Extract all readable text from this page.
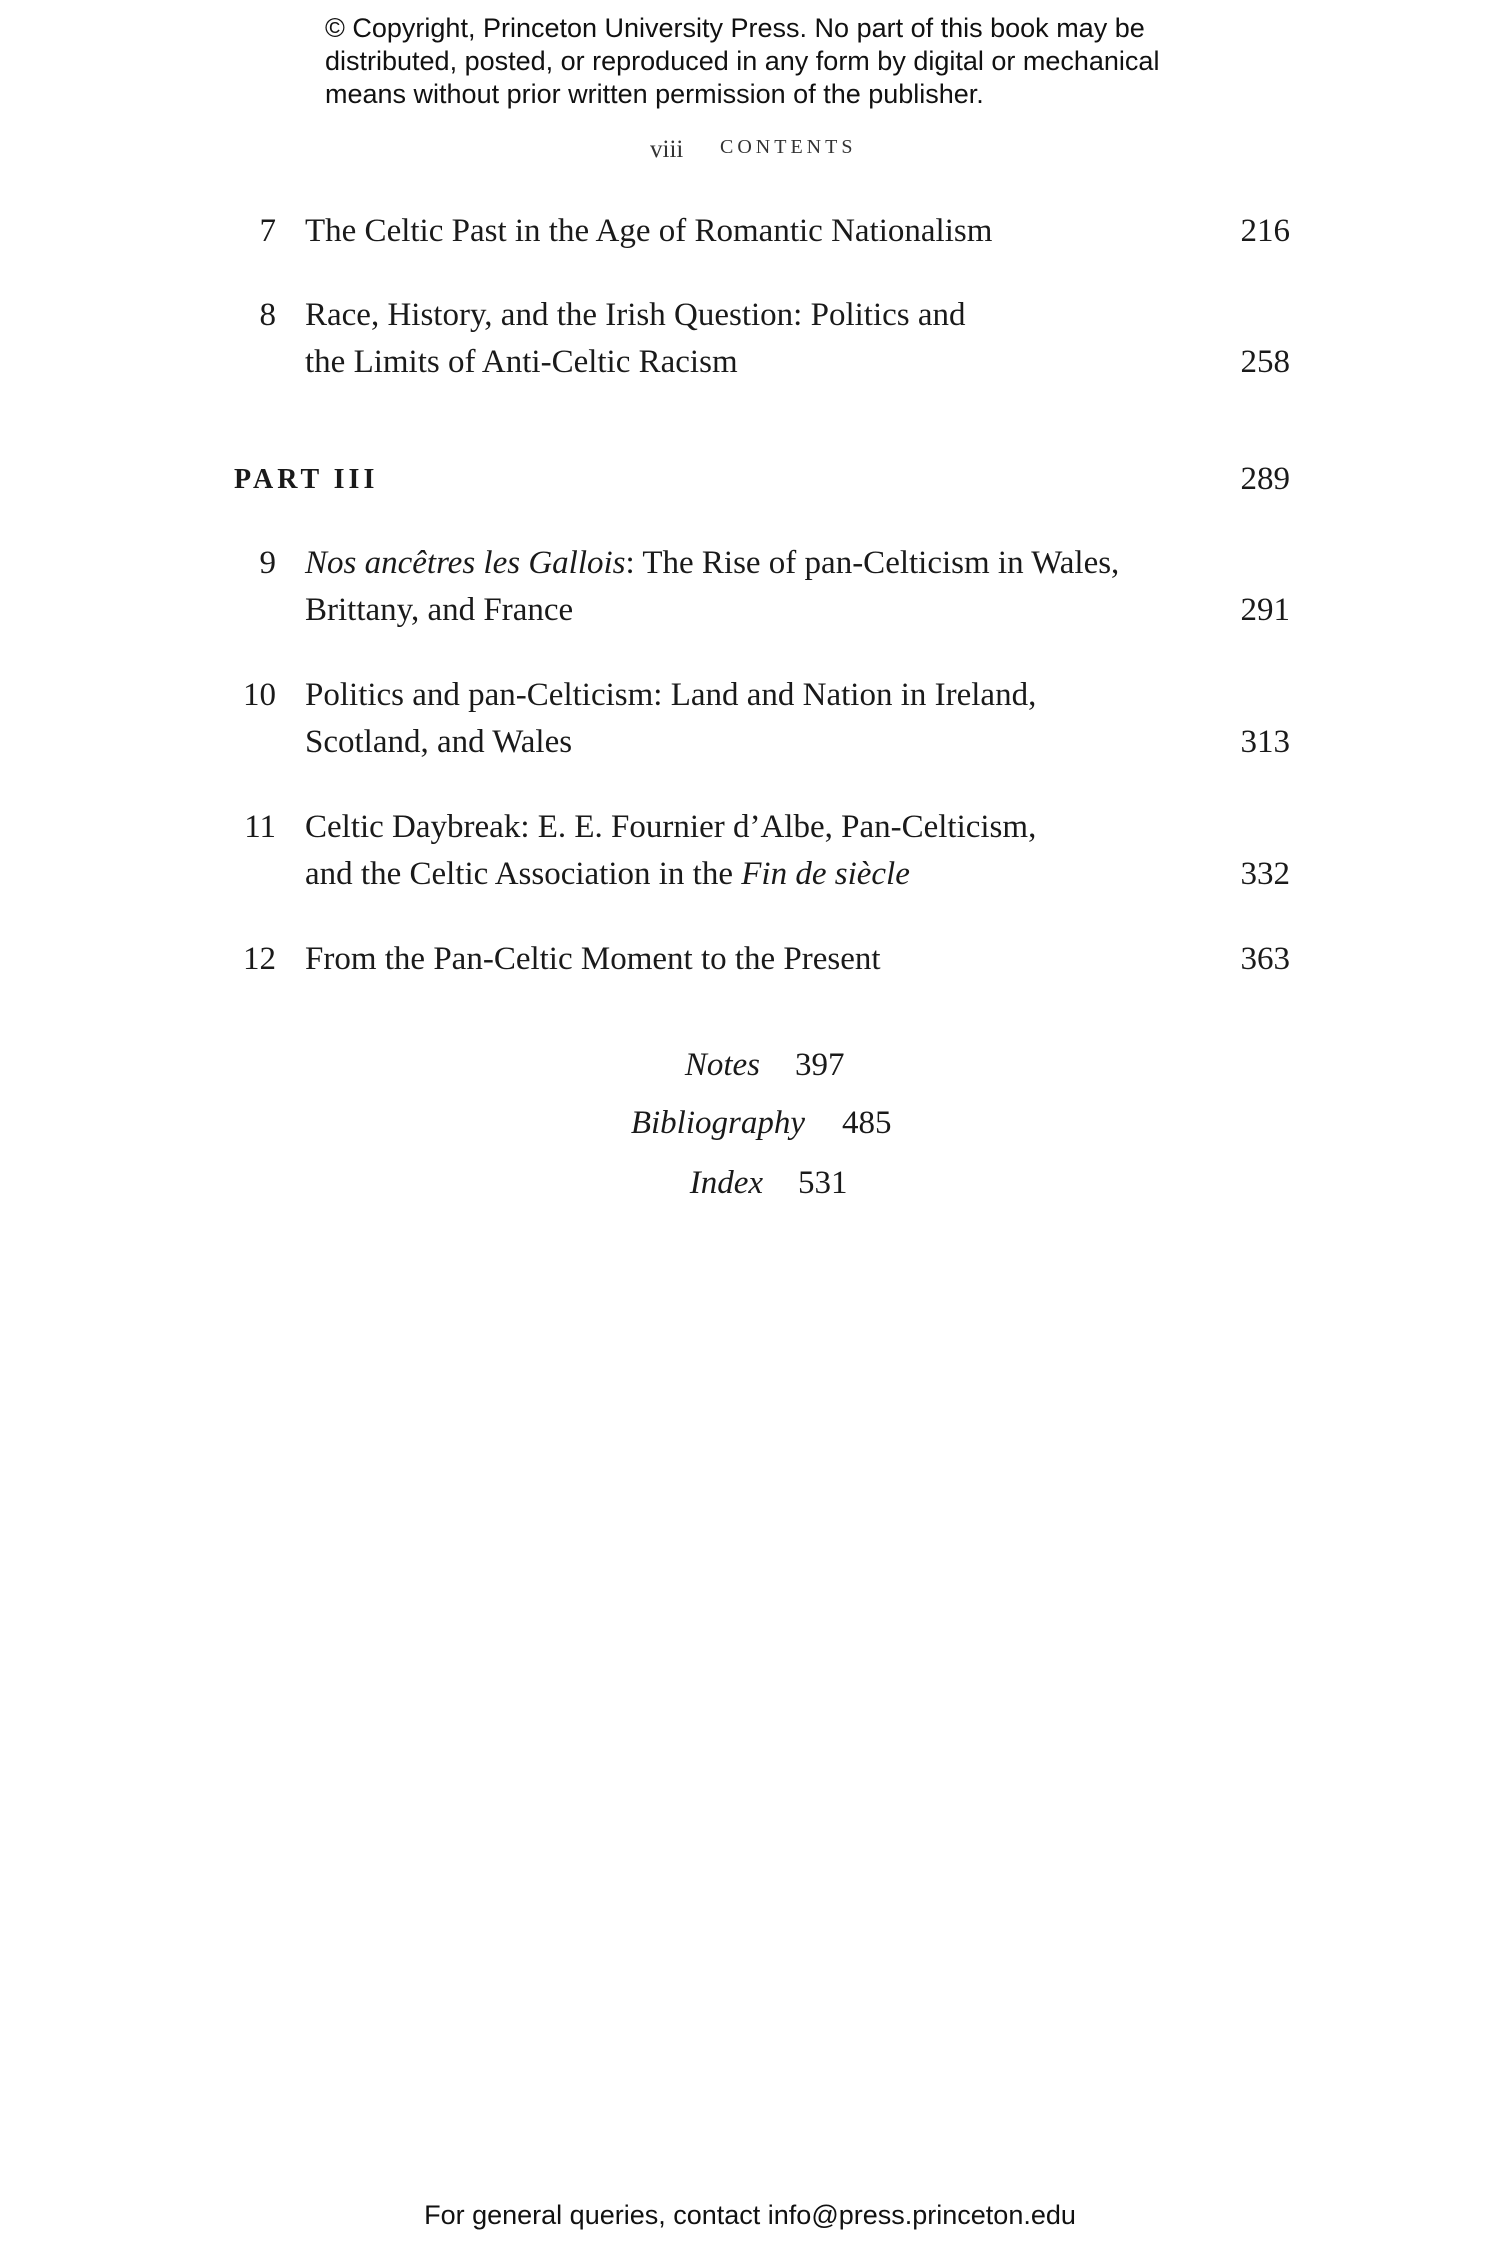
© Copyright, Princeton University Press. No part of this book may be
distributed, posted, or reproduced in any form by digital or mechanical
means without prior written permission of the publisher.
viii CONTENTS
7 The Celtic Past in the Age of Romantic Nationalism	216
8 Race, History, and the Irish Question: Politics and
the Limits of Anti-Celtic Racism	258
PART III	289
9 Nos ancêtres les Gallois: The Rise of pan-Celticism in Wales,
Brittany, and France	291
10 Politics and pan-Celticism: Land and Nation in Ireland,
Scotland, and Wales	313
11 Celtic Daybreak: E. E. Fournier d’Albe, Pan-Celticism,
and the Celtic Association in the Fin de siècle	332
12 From the Pan-Celtic Moment to the Present	363
Notes 397
Bibliography 485
Index 531
For general queries, contact info@press.princeton.edu
